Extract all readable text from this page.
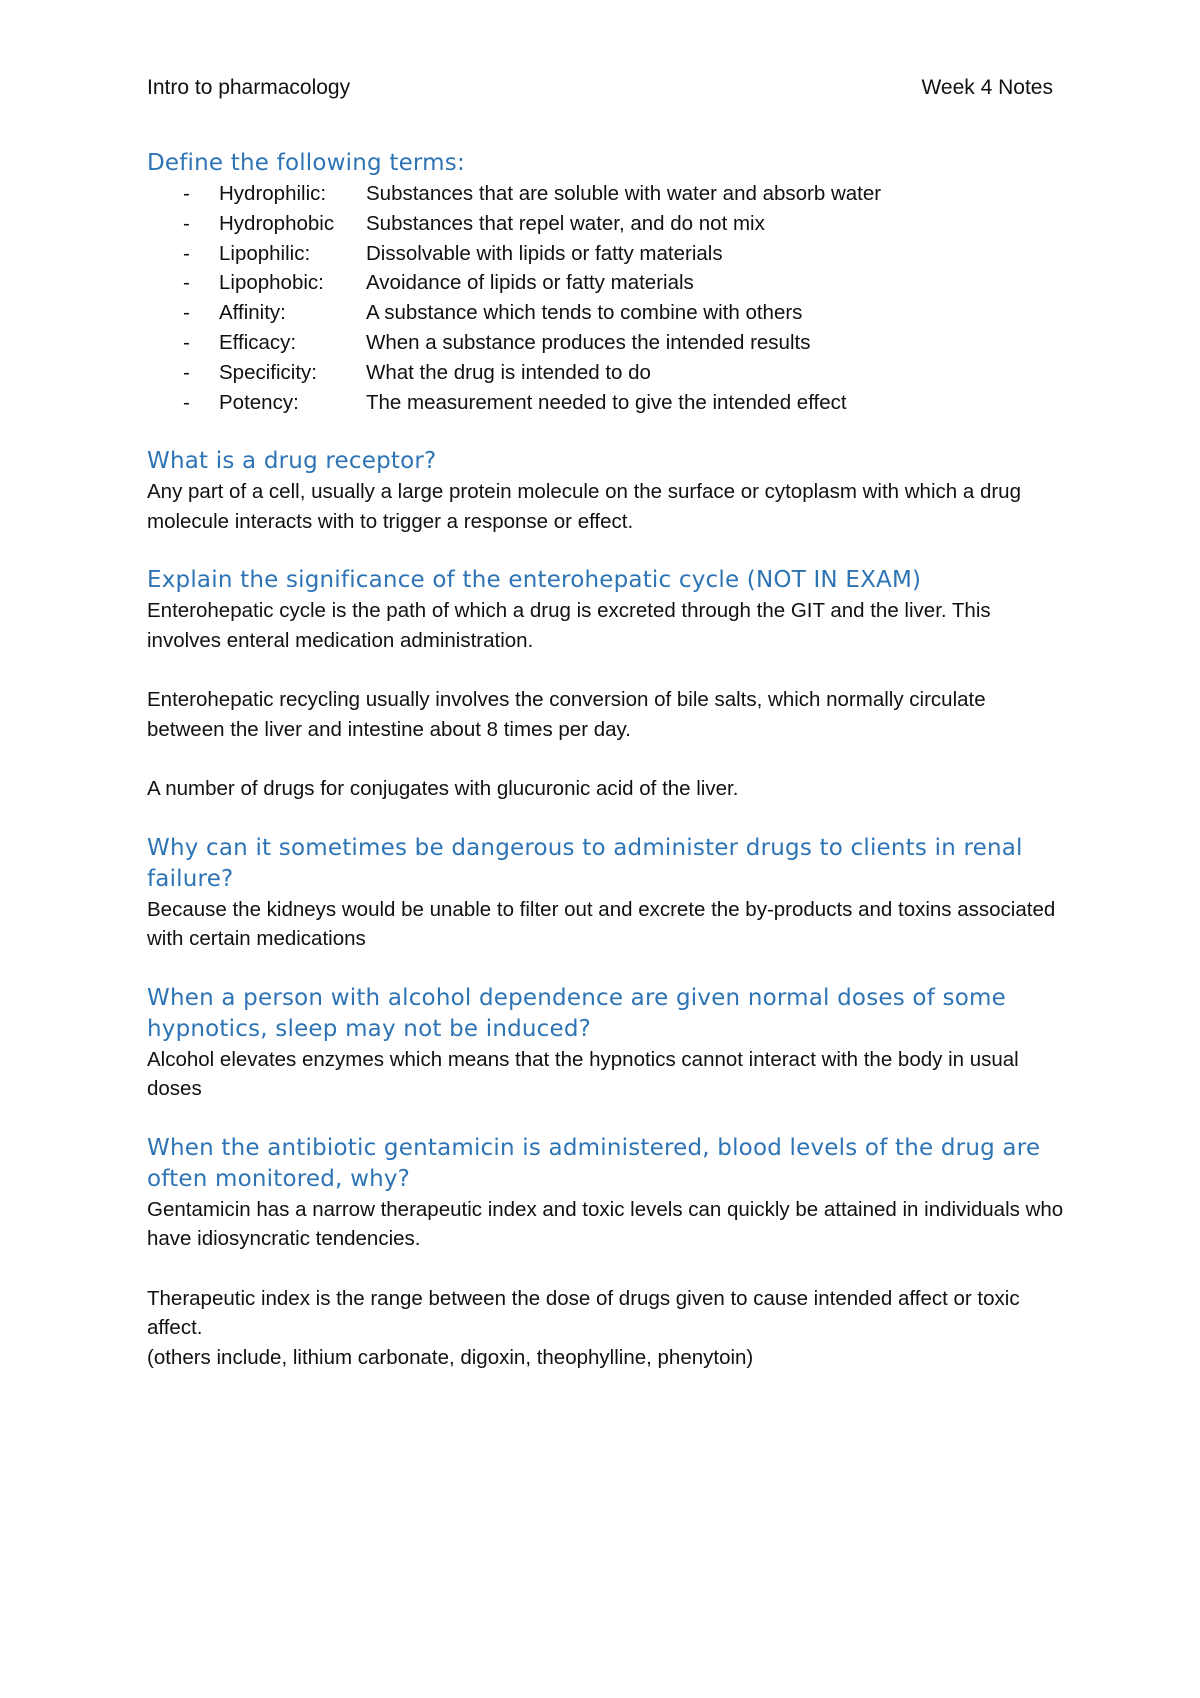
Intro to pharmacology	Week 4 Notes
Define the following terms:
-	Hydrophilic:	Substances that are soluble with water and absorb water
-	Hydrophobic	Substances that repel water, and do not mix
-	Lipophilic:	Dissolvable with lipids or fatty materials
-	Lipophobic:	Avoidance of lipids or fatty materials
-	Affinity:	A substance which tends to combine with others
-	Efficacy:	When a substance produces the intended results
-	Specificity:	What the drug is intended to do
-	Potency:	The measurement needed to give the intended effect
What is a drug receptor?

Any part of a cell, usually a large protein molecule on the surface or cytoplasm with which a drug molecule interacts with to trigger a response or effect.

Explain the significance of the enterohepatic cycle (NOT IN EXAM)

Enterohepatic cycle is the path of which a drug is excreted through the GIT and the liver. This involves enteral medication administration.

Enterohepatic recycling usually involves the conversion of bile salts, which normally circulate between the liver and intestine about 8 times per day.

A number of drugs for conjugates with glucuronic acid of the liver.

Why can it sometimes be dangerous to administer drugs to clients in renal failure?

Because the kidneys would be unable to filter out and excrete the by-products and toxins associated with certain medications

When a person with alcohol dependence are given normal doses of some hypnotics, sleep may not be induced?

Alcohol elevates enzymes which means that the hypnotics cannot interact with the body in usual doses

When the antibiotic gentamicin is administered, blood levels of the drug are often monitored, why?

Gentamicin has a narrow therapeutic index and toxic levels can quickly be attained in individuals who have idiosyncratic tendencies.

Therapeutic index is the range between the dose of drugs given to cause intended affect or toxic affect.

(others include, lithium carbonate, digoxin, theophylline, phenytoin)
